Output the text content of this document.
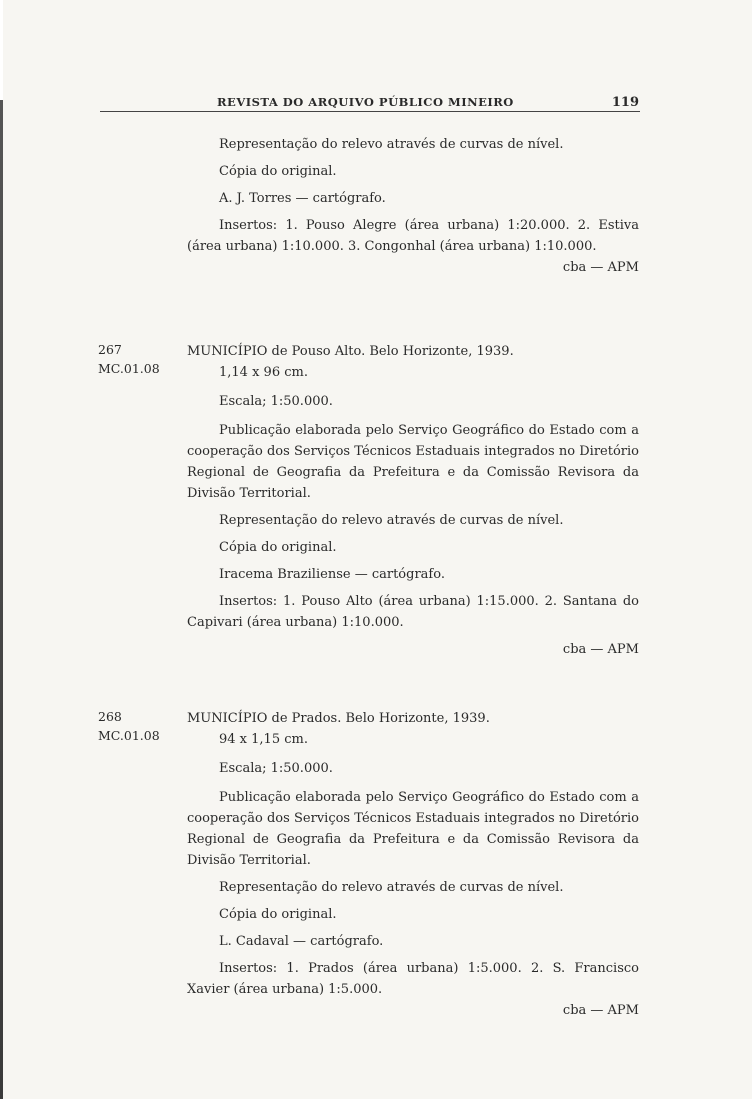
REVISTA DO ARQUIVO PÚBLICO MINEIRO	119

Representação do relevo através de curvas de nível.

Cópia do original.

A. J. Torres — cartógrafo.

Insertos: 1. Pouso Alegre (área urbana) 1:20.000. 2. Estiva (área urbana) 1:10.000. 3. Congonhal (área urbana) 1:10.000.

cba — APM

267
MC.01.08

MUNICÍPIO de Pouso Alto. Belo Horizonte, 1939.

1,14 x 96 cm.

Escala; 1:50.000.

Publicação elaborada pelo Serviço Geográfico do Estado com a cooperação dos Serviços Técnicos Estaduais integrados no Diretório Regional de Geografia da Prefeitura e da Comissão Revisora da Divisão Territorial.

Representação do relevo através de curvas de nível.

Cópia do original.

Iracema Braziliense — cartógrafo.

Insertos: 1. Pouso Alto (área urbana) 1:15.000. 2. Santana do Capivari (área urbana) 1:10.000.

cba — APM

268
MC.01.08

MUNICÍPIO de Prados. Belo Horizonte, 1939.

94 x 1,15 cm.

Escala; 1:50.000.

Publicação elaborada pelo Serviço Geográfico do Estado com a cooperação dos Serviços Técnicos Estaduais integrados no Diretório Regional de Geografia da Prefeitura e da Comissão Revisora da Divisão Territorial.

Representação do relevo através de curvas de nível.

Cópia do original.

L. Cadaval — cartógrafo.

Insertos: 1. Prados (área urbana) 1:5.000. 2. S. Francisco Xavier (área urbana) 1:5.000.

cba — APM
